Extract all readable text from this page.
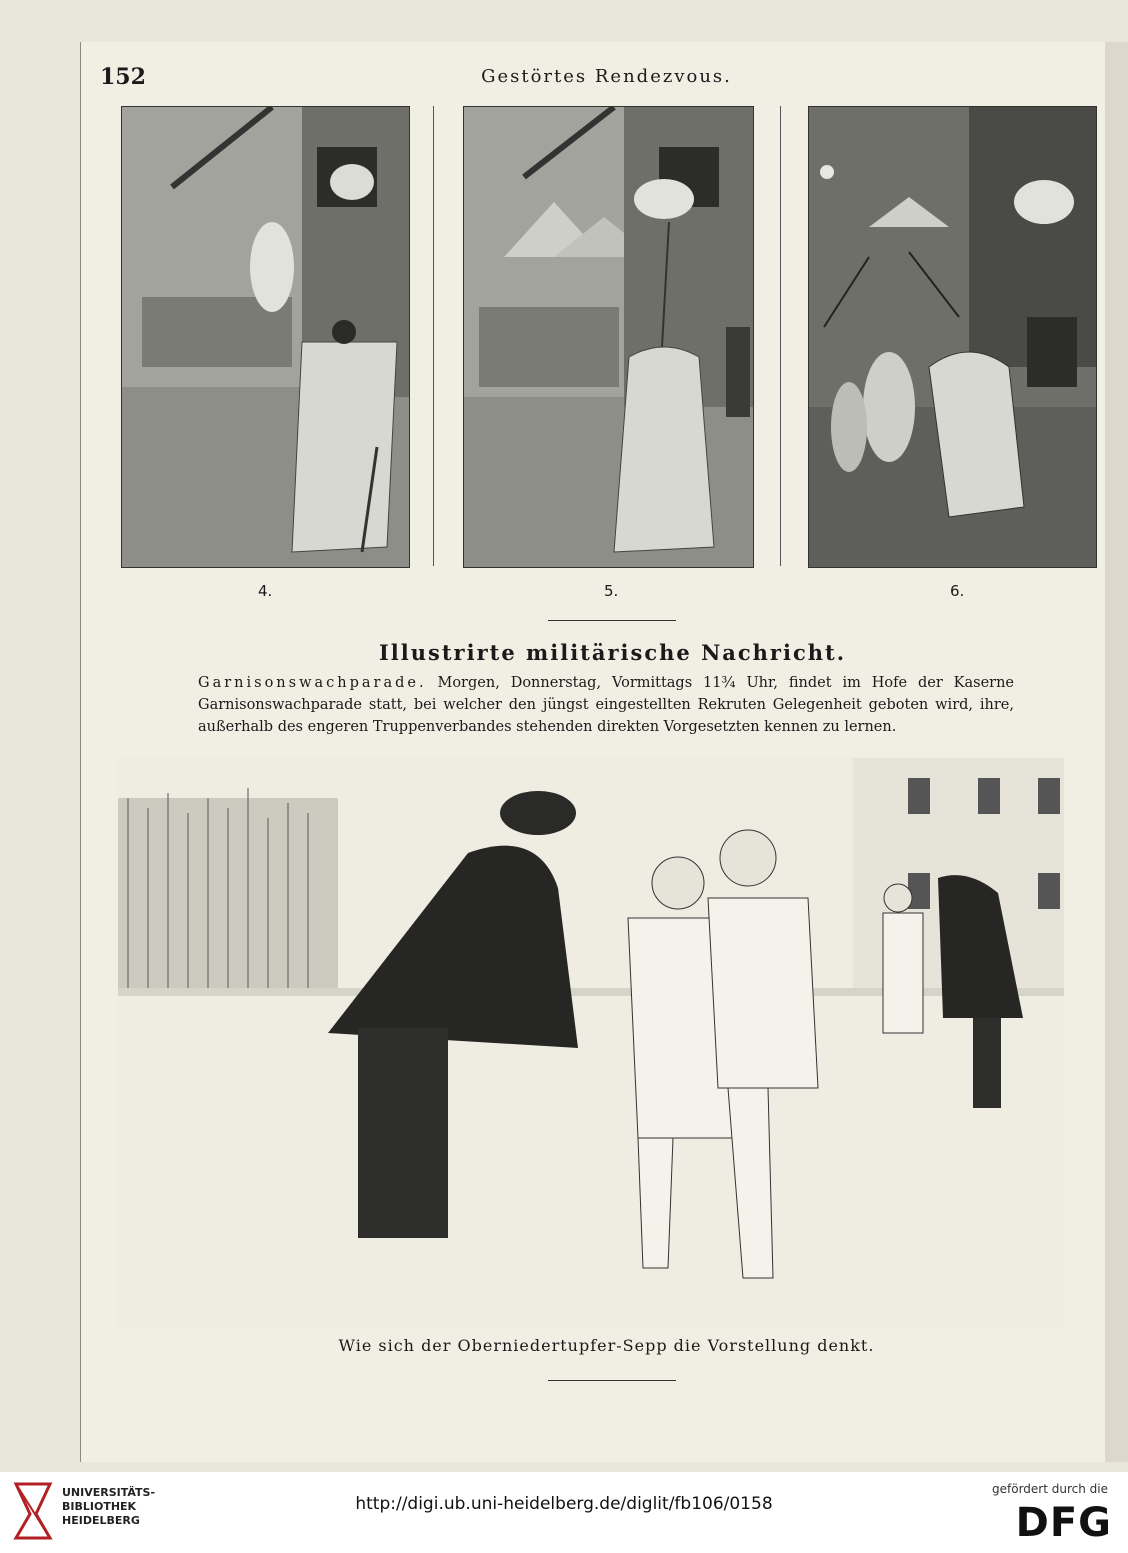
152	Gestörtes Rendezvous.
4.	5.	6.
Illustrirte militärische Nachricht.
Garnisonswachparade. Morgen, Donnerstag, Vormittags 11¾ Uhr, findet im Hofe der Kaserne Garnisonswachparade statt, bei welcher den jüngst eingestellten Rekruten Gelegenheit geboten wird, ihre, außerhalb des engeren Truppenverbandes stehenden direkten Vorgesetzten kennen zu lernen.
Wie sich der Oberniedertupfer-Sepp die Vorstellung denkt.
UNIVERSITÄTS-
BIBLIOTHEK
HEIDELBERG
http://digi.ub.uni-heidelberg.de/diglit/fb106/0158
gefördert durch die
DFG
